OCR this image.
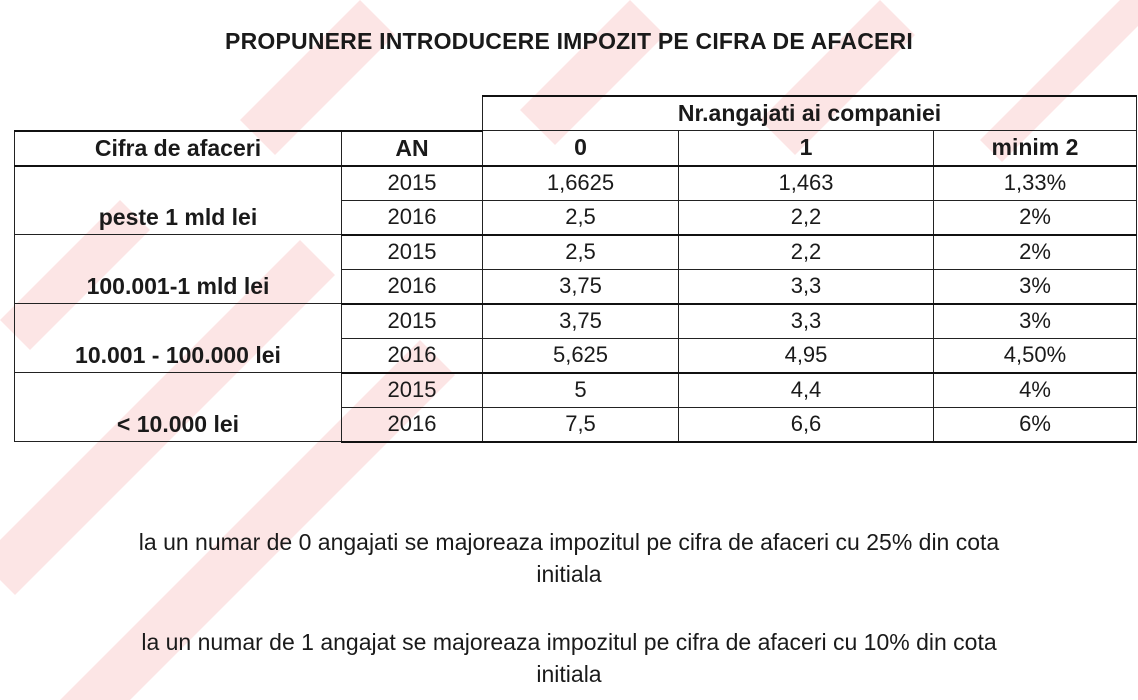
PROPUNERE INTRODUCERE IMPOZIT PE CIFRA DE AFACERI
		Nr.angajati ai companiei		
Cifra de afaceri	AN	0	1	minim 2
peste 1 mld lei	2015	1,6625	1,463	1,33%
	2016	2,5	2,2	2%
100.001-1 mld lei	2015	2,5	2,2	2%
	2016	3,75	3,3	3%
10.001 - 100.000 lei	2015	3,75	3,3	3%
	2016	5,625	4,95	4,50%
< 10.000 lei	2015	5	4,4	4%
	2016	7,5	6,6	6%
la un numar de 0 angajati se majoreaza impozitul pe cifra de afaceri cu 25% din cota
initiala
la un numar de 1 angajat se majoreaza impozitul pe cifra de afaceri cu 10% din cota
initiala
